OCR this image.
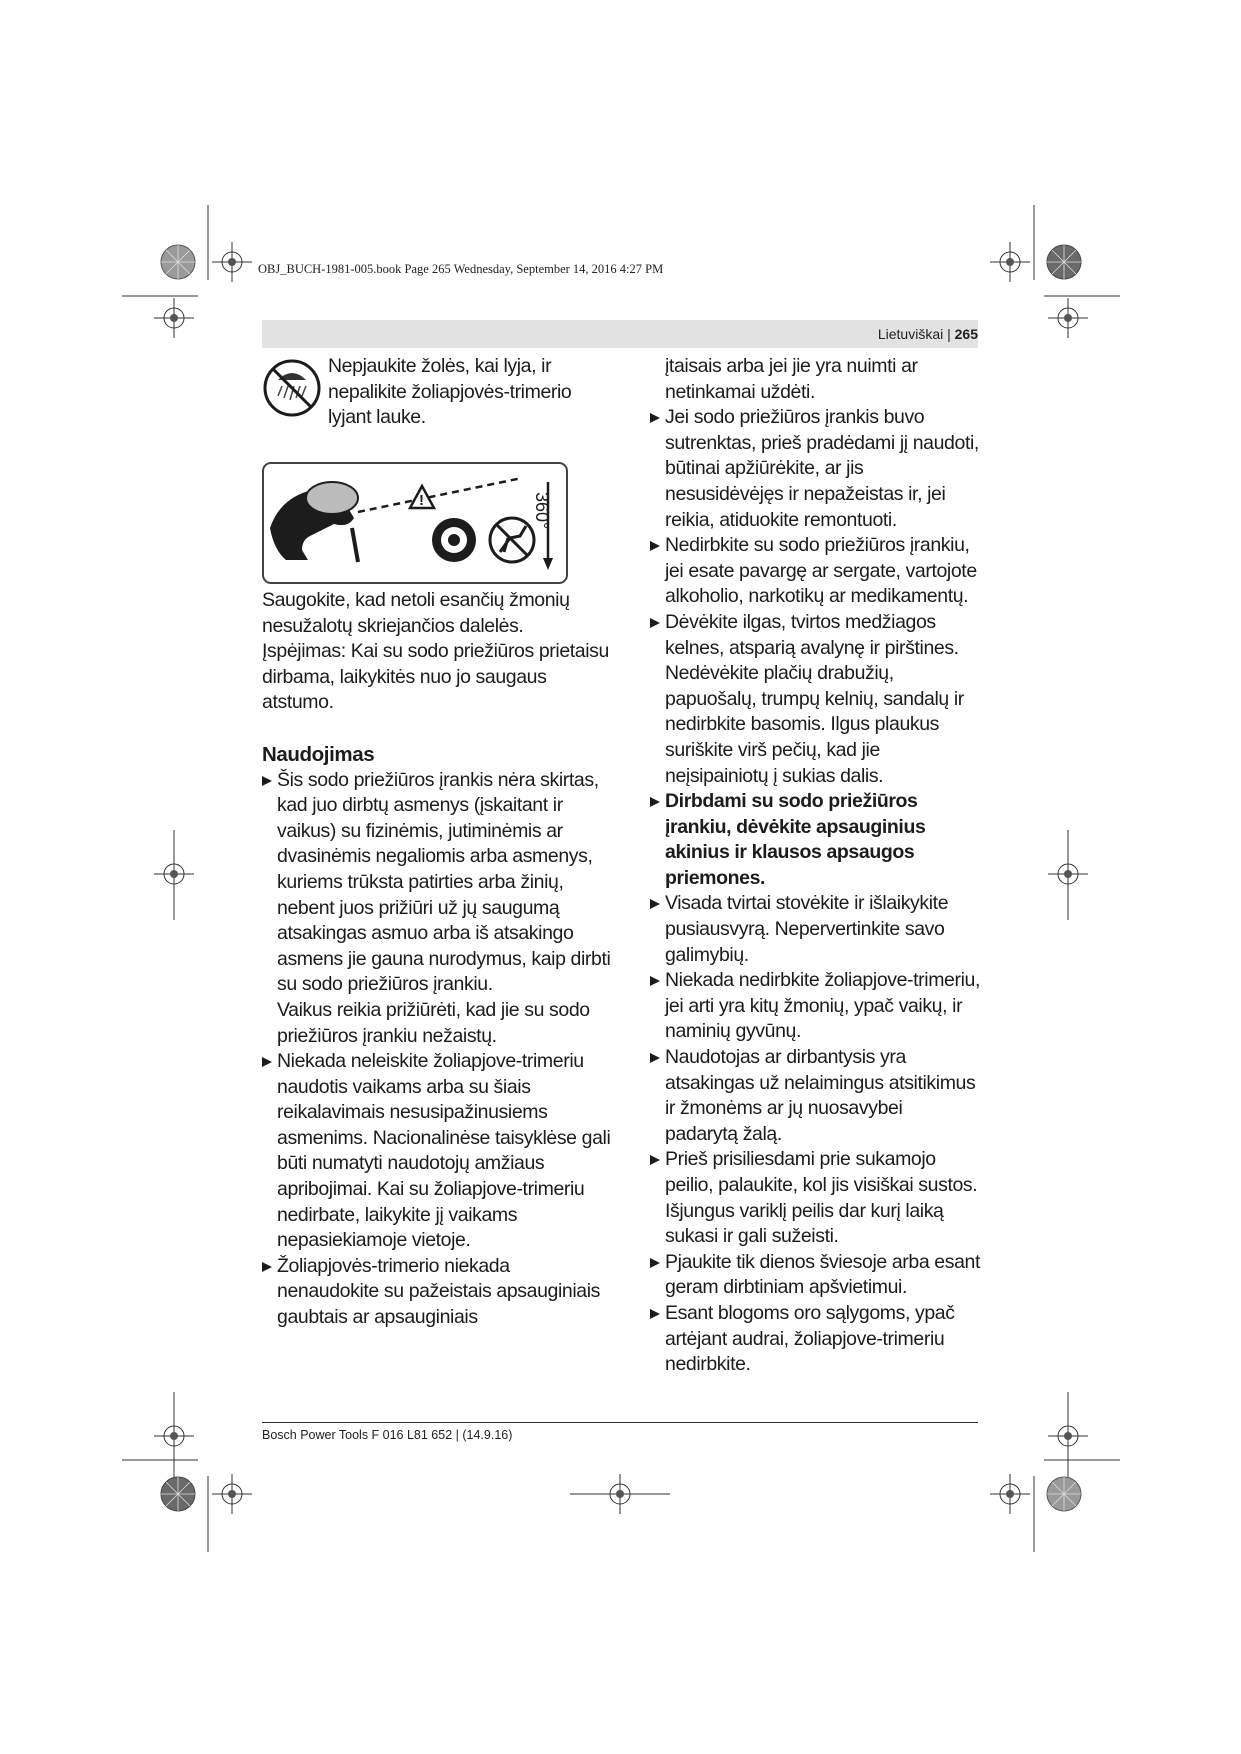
OBJ_BUCH-1981-005.book Page 265 Wednesday, September 14, 2016 4:27 PM
Lietuviškai | 265

Nepjaukite žolės, kai lyja, ir nepalikite žoliapjovės-trimerio lyjant lauke.

!	360°

Saugokite, kad netoli esančių žmonių nesužalotų skriejančios dalelės.

Įspėjimas: Kai su sodo priežiūros prietaisu dirbama, laikykitės nuo jo saugaus atstumo.

Naudojimas

Šis sodo priežiūros įrankis nėra skirtas, kad juo dirbtų asmenys (įskaitant ir vaikus) su fizinėmis, jutiminėmis ar dvasinėmis negaliomis arba asmenys, kuriems trūksta patirties arba žinių, nebent juos prižiūri už jų saugumą atsakingas asmuo arba iš atsakingo asmens jie gauna nurodymus, kaip dirbti su sodo priežiūros įrankiu.

Vaikus reikia prižiūrėti, kad jie su sodo priežiūros įrankiu nežaistų.

Niekada neleiskite žoliapjove-trimeriu naudotis vaikams arba su šiais reikalavimais nesusipažinusiems asmenims. Nacionalinėse taisyklėse gali būti numatyti naudotojų amžiaus apribojimai. Kai su žoliapjove-trimeriu nedirbate, laikykite jį vaikams nepasiekiamoje vietoje.

Žoliapjovės-trimerio niekada nenaudokite su pažeistais apsauginiais gaubtais ar apsauginiais

įtaisais arba jei jie yra nuimti ar netinkamai uždėti.

Jei sodo priežiūros įrankis buvo sutrenktas, prieš pradėdami jį naudoti, būtinai apžiūrėkite, ar jis nesusidėvėjęs ir nepažeistas ir, jei reikia, atiduokite remontuoti.

Nedirbkite su sodo priežiūros įrankiu, jei esate pavargę ar sergate, vartojote alkoholio, narkotikų ar medikamentų.

Dėvėkite ilgas, tvirtos medžiagos kelnes, atsparią avalynę ir pirštines. Nedėvėkite plačių drabužių, papuošalų, trumpų kelnių, sandalų ir nedirbkite basomis. Ilgus plaukus suriškite virš pečių, kad jie neįsipainiotų į sukias dalis.

Dirbdami su sodo priežiūros įrankiu, dėvėkite apsauginius akinius ir klausos apsaugos priemones.

Visada tvirtai stovėkite ir išlaikykite pusiausvyrą. Nepervertinkite savo galimybių.

Niekada nedirbkite žoliapjove-trimeriu, jei arti yra kitų žmonių, ypač vaikų, ir naminių gyvūnų.

Naudotojas ar dirbantysis yra atsakingas už nelaimingus atsitikimus ir žmonėms ar jų nuosavybei padarytą žalą.

Prieš prisiliesdami prie sukamojo peilio, palaukite, kol jis visiškai sustos. Išjungus variklį peilis dar kurį laiką sukasi ir gali sužeisti.

Pjaukite tik dienos šviesoje arba esant geram dirbtiniam apšvietimui.

Esant blogoms oro sąlygoms, ypač artėjant audrai, žoliapjove-trimeriu nedirbkite.

Bosch Power Tools F 016 L81 652 | (14.9.16)
